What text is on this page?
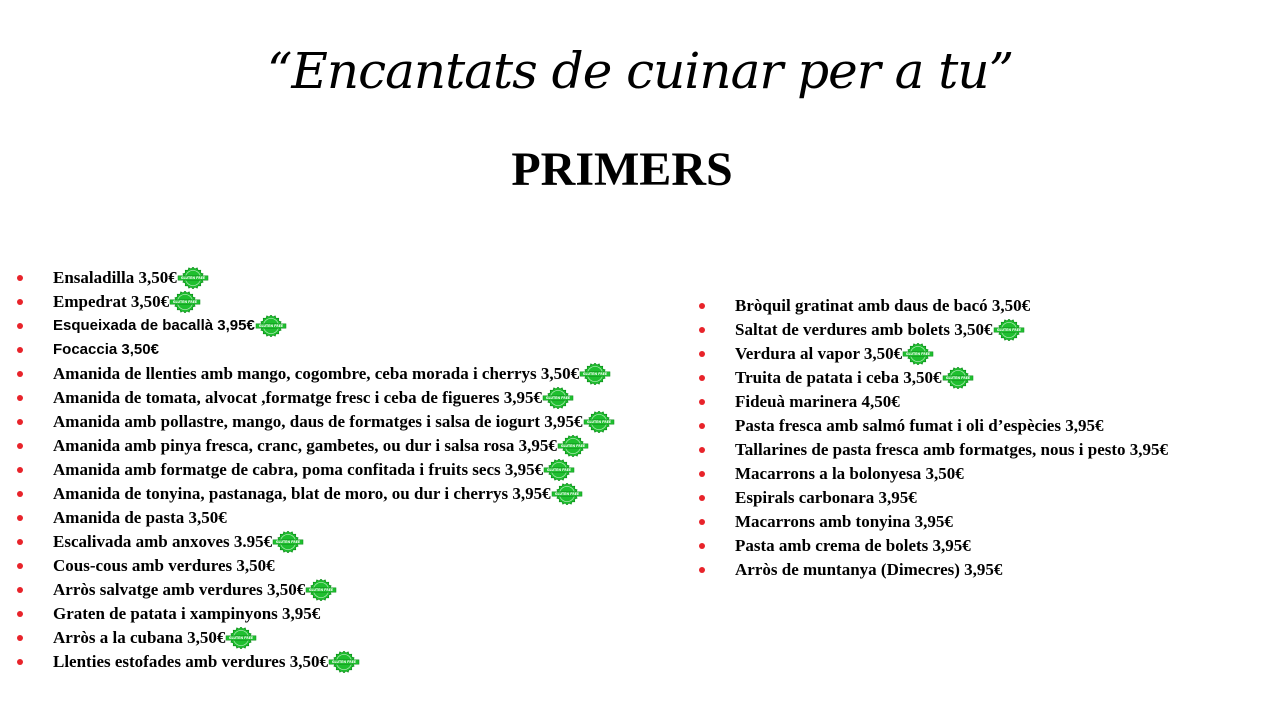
“Encantats de cuinar per a tu”
PRIMERS
Ensaladilla 3,50€ GLUTEN FREE
Empedrat 3,50€ GLUTEN FREE
Esqueixada de bacallà 3,95€ GLUTEN FREE
Focaccia 3,50€
Amanida de llenties amb mango, cogombre, ceba morada i cherrys 3,50€ GLUTEN FREE
Amanida de tomata, alvocat ,formatge fresc i ceba de figueres 3,95€ GLUTEN FREE
Amanida amb pollastre, mango, daus de formatges i salsa de iogurt 3,95€ GLUTEN FREE
Amanida amb pinya fresca, cranc, gambetes, ou dur i salsa rosa 3,95€ GLUTEN FREE
Amanida amb formatge de cabra, poma confitada i fruits secs 3,95€ GLUTEN FREE
Amanida de tonyina, pastanaga, blat de moro, ou dur i cherrys 3,95€ GLUTEN FREE
Amanida de pasta 3,50€
Escalivada amb anxoves 3.95€ GLUTEN FREE
Cous-cous amb verdures 3,50€
Arròs salvatge amb verdures 3,50€ GLUTEN FREE
Graten de patata i xampinyons 3,95€
Arròs a la cubana 3,50€ GLUTEN FREE
Llenties estofades amb verdures 3,50€ GLUTEN FREE
Bròquil gratinat amb daus de bacó 3,50€
Saltat de verdures amb bolets 3,50€ GLUTEN FREE
Verdura al vapor 3,50€ GLUTEN FREE
Truita de patata i ceba 3,50€ GLUTEN FREE
Fideuà marinera 4,50€
Pasta fresca amb salmó fumat i oli d’espècies 3,95€
Tallarines de pasta fresca amb formatges, nous i pesto 3,95€
Macarrons a la bolonyesa 3,50€
Espirals carbonara 3,95€
Macarrons amb tonyina 3,95€
Pasta amb crema de bolets 3,95€
Arròs de muntanya (Dimecres) 3,95€
